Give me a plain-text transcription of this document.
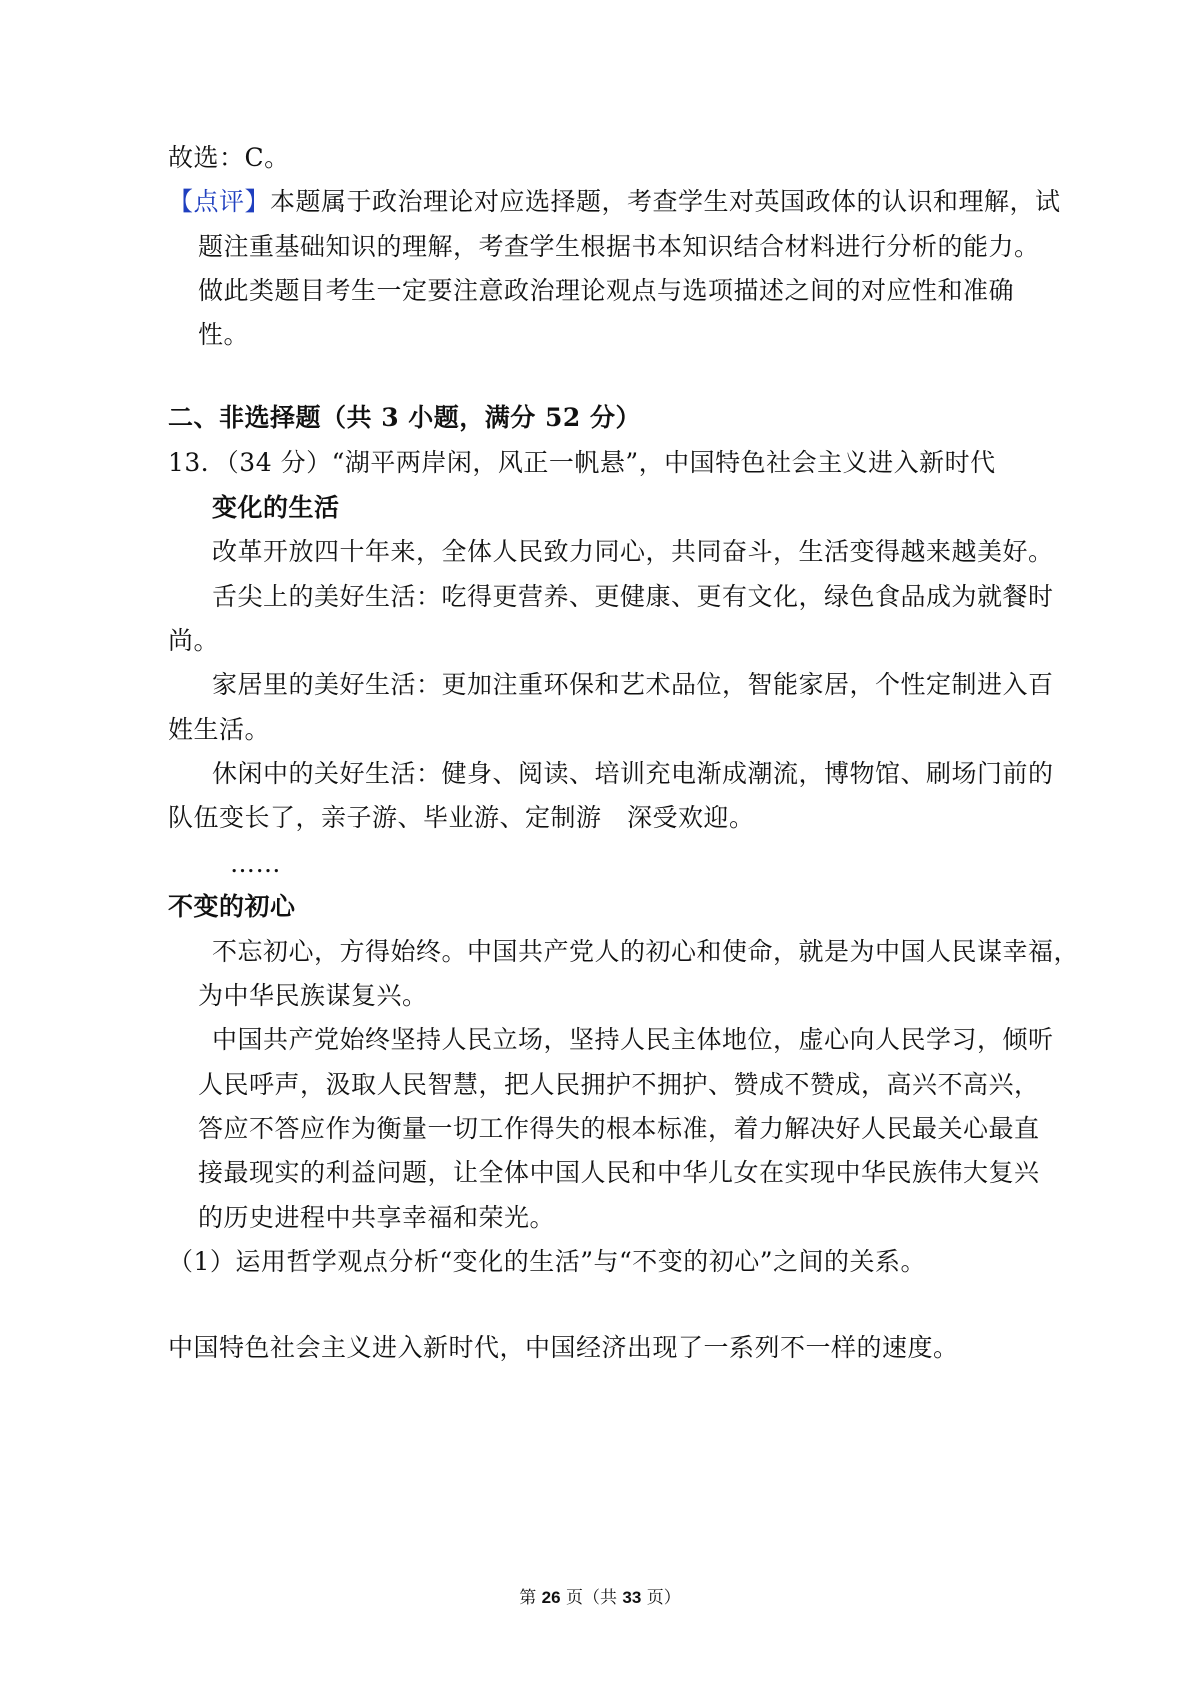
故选：C。
【点评】本题属于政治理论对应选择题，考查学生对英国政体的认识和理解，试
题注重基础知识的理解，考查学生根据书本知识结合材料进行分析的能力。
做此类题目考生一定要注意政治理论观点与选项描述之间的对应性和准确
性。
二、非选择题（共 3 小题，满分 52 分）
13．（34 分）“湖平两岸闲，风正一帆悬”，中国特色社会主义进入新时代
变化的生活
改革开放四十年来，全体人民致力同心，共同奋斗，生活变得越来越美好。
舌尖上的美好生活：吃得更营养、更健康、更有文化，绿色食品成为就餐时
尚。
家居里的美好生活：更加注重环保和艺术品位，智能家居，个性定制进入百
姓生活。
休闲中的关好生活：健身、阅读、培训充电渐成潮流，博物馆、刷场门前的
队伍变长了，亲子游、毕业游、定制游　深受欢迎。
……
不变的初心
不忘初心，方得始终。中国共产党人的初心和使命，就是为中国人民谋幸福，
为中华民族谋复兴。
中国共产党始终坚持人民立场，坚持人民主体地位，虚心向人民学习，倾听
人民呼声，汲取人民智慧，把人民拥护不拥护、赞成不赞成，高兴不高兴，
答应不答应作为衡量一切工作得失的根本标准，着力解决好人民最关心最直
接最现实的利益问题，让全体中国人民和中华儿女在实现中华民族伟大复兴
的历史进程中共享幸福和荣光。
（1）运用哲学观点分析“变化的生活”与“不变的初心”之间的关系。
中国特色社会主义进入新时代，中国经济出现了一系列不一样的速度。
第 26 页（共 33 页）
